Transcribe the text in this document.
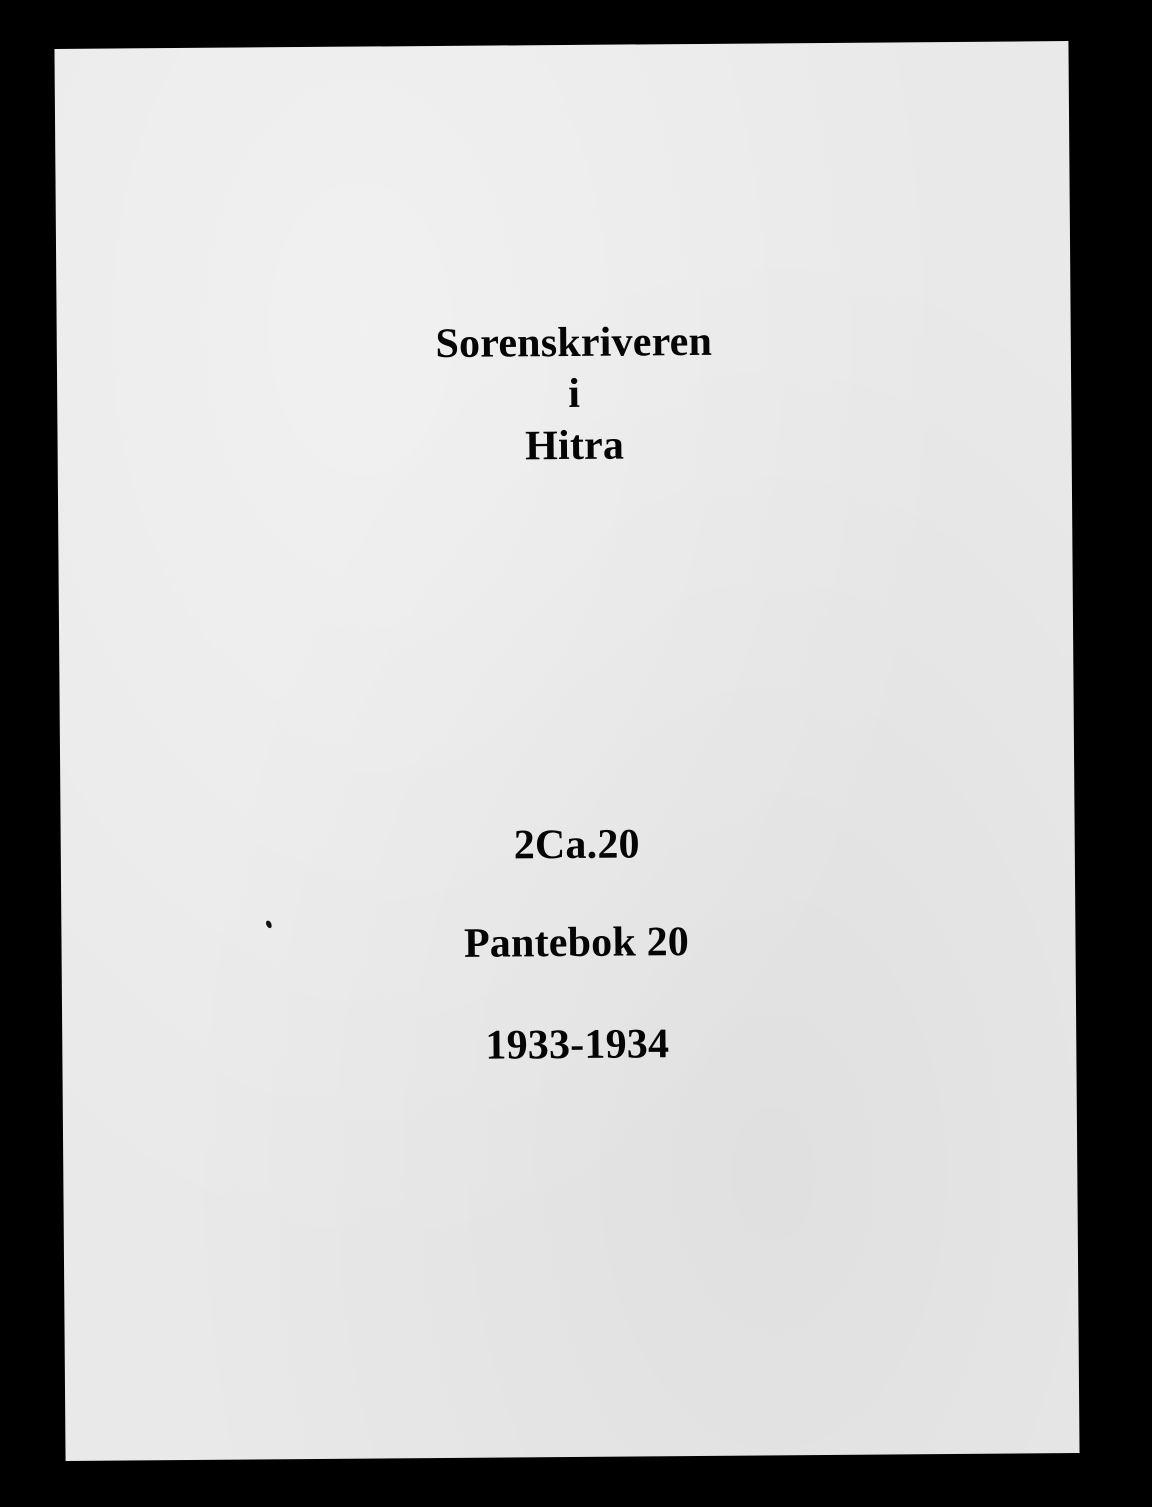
Sorenskriveren
i
Hitra
2Ca.20
Pantebok 20
1933-1934
